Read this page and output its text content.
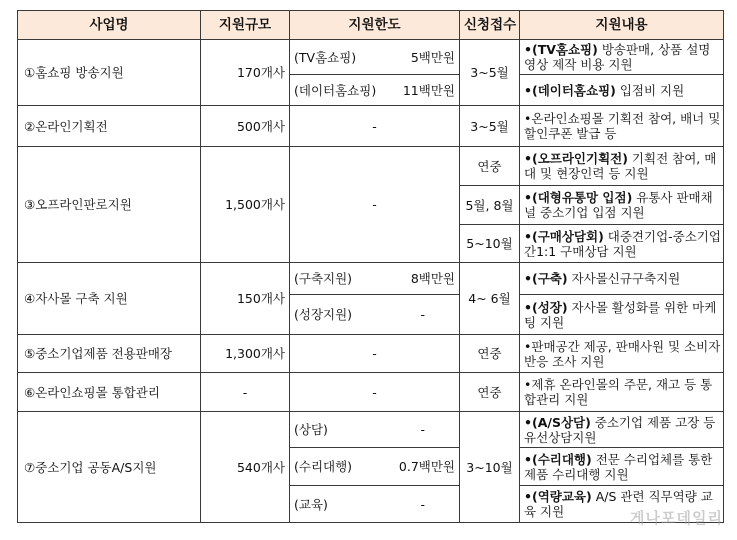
사업명	지원규모	지원한도	신청접수	지원내용
①홈쇼핑 방송지원	170개사	(TV홈쇼핑) 5백만원	3~5월	•(TV홈쇼핑) 방송판매, 상품 설명영상 제작 비용 지원

		(데이터홈쇼핑) 11백만원		•(데이터홈쇼핑) 입점비 지원
②온라인기획전	500개사	-	3~5월	•온라인쇼핑몰 기획전 참여, 배너 및 할인쿠폰 발급 등
③오프라인판로지원	1,500개사	-	연중	•(오프라인기획전) 기획전 참여, 매대 및 현장인력 등 지원
			5월, 8월	•(대형유통망 입점) 유통사 판매채널 중소기업 입점 지원
			5~10월	•(구매상담회) 대중견기업-중소기업간1:1 구매상담 지원
④자사몰 구축 지원	150개사	(구축지원) 8백만원	4~ 6월	•(구축) 자사몰신규구축지원

		(성장지원) -		•(성장) 자사몰 활성화를 위한 마케팅 지원
⑤중소기업제품 전용판매장	1,300개사	-	연중	•판매공간 제공, 판매사원 및 소비자반응 조사 지원
⑥온라인쇼핑몰 통합관리	-	-	연중	•제휴 온라인몰의 주문, 재고 등 통합관리 지원
⑦중소기업 공동A/S지원	540개사	(상담) -	3~10월	•(A/S상담) 중소기업 제품 고장 등 유선상담지원

		(수리대행) 0.7백만원		•(수리대행) 전문 수리업체를 통한 제품 수리대행 지원

		(교육) -		•(역량교육) A/S 관련 직무역량 교육 지원	게나포데일리
